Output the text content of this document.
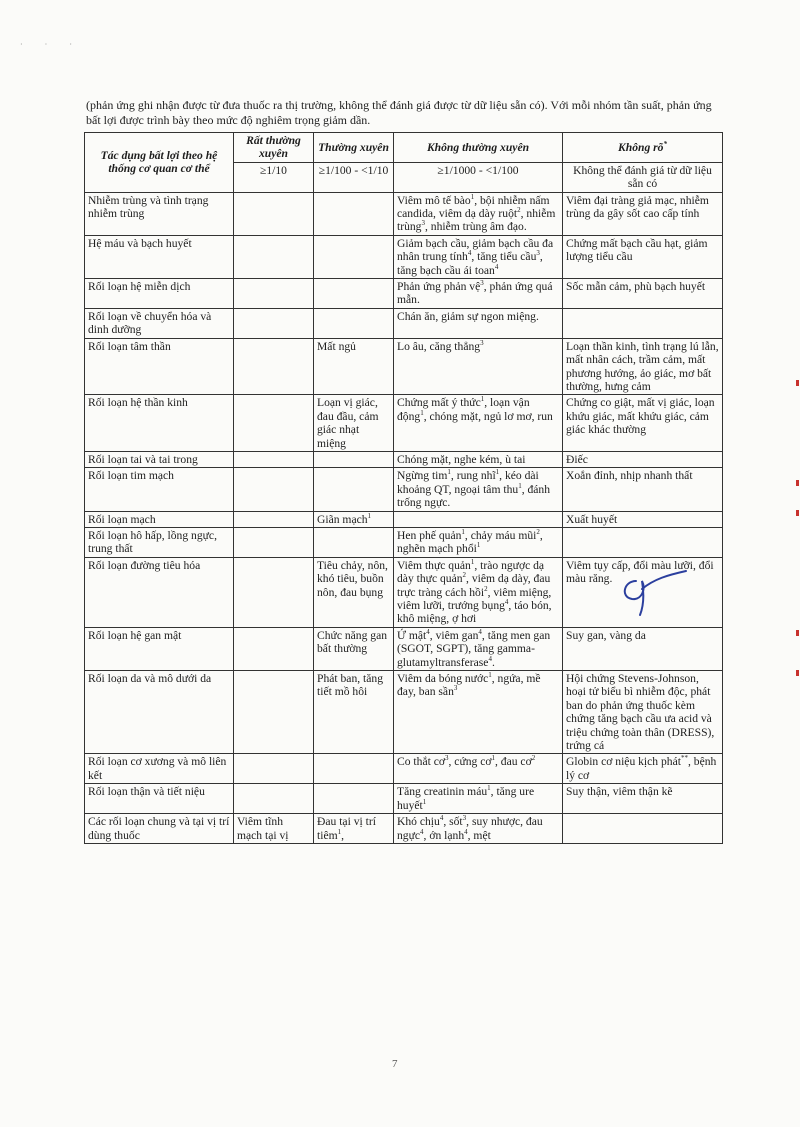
· · ·

(phản ứng ghi nhận được từ đưa thuốc ra thị trường, không thể đánh giá được từ dữ liệu sẵn có). Với mỗi nhóm tần suất, phản ứng bất lợi được trình bày theo mức độ nghiêm trọng giảm dần.

Tác dụng bất lợi theo hệ thống cơ quan cơ thể	Rất thường xuyên	Thường xuyên	Không thường xuyên	Không rõ*
	≥1/10	≥1/100 - <1/10	≥1/1000 - <1/100	Không thể đánh giá từ dữ liệu sẵn có
Nhiễm trùng và tình trạng nhiễm trùng			Viêm mô tế bào$^1$, bội nhiễm nấm candida, viêm dạ dày ruột$^2$, nhiễm trùng$^3$, nhiễm trùng âm đạo.	Viêm đại tràng giả mạc, nhiễm trùng da gây sốt cao cấp tính
Hệ máu và bạch huyết			Giảm bạch cầu, giảm bạch cầu đa nhân trung tính$^4$, tăng tiểu cầu$^3$, tăng bạch cầu ái toan$^4$	Chứng mất bạch cầu hạt, giảm lượng tiểu cầu
Rối loạn hệ miễn dịch			Phản ứng phản vệ$^3$, phản ứng quá mẫn.	Sốc mẫn cảm, phù bạch huyết
Rối loạn về chuyển hóa và dinh dưỡng			Chán ăn, giảm sự ngon miệng.	
Rối loạn tâm thần		Mất ngủ	Lo âu, căng thẳng$^3$	Loạn thần kinh, tình trạng lú lẫn, mất nhân cách, trầm cảm, mất phương hướng, ảo giác, mơ bất thường, hưng cảm
Rối loạn hệ thần kinh		Loạn vị giác, đau đầu, cảm giác nhạt miệng	Chứng mất ý thức$^1$, loạn vận động$^1$, chóng mặt, ngủ lơ mơ, run	Chứng co giật, mất vị giác, loạn khứu giác, mất khứu giác, cảm giác khác thường
Rối loạn tai và tai trong			Chóng mặt, nghe kém, ù tai	Điếc
Rối loạn tim mạch			Ngừng tim$^1$, rung nhĩ$^1$, kéo dài khoảng QT, ngoại tâm thu$^1$, đánh trống ngực.	Xoắn đỉnh, nhịp nhanh thất
Rối loạn mạch		Giãn mạch$^1$		Xuất huyết
Rối loạn hô hấp, lồng ngực, trung thất			Hen phế quản$^1$, chảy máu mũi$^2$, nghẽn mạch phổi$^1$	
Rối loạn đường tiêu hóa		Tiêu chảy, nôn, khó tiêu, buồn nôn, đau bụng	Viêm thực quản$^1$, trào ngược dạ dày thực quản$^2$, viêm dạ dày, đau trực tràng cách hồi$^2$, viêm miệng, viêm lưỡi, trướng bụng$^4$, táo bón, khô miệng, ợ hơi	Viêm tụy cấp, đổi màu lưỡi, đổi màu răng.
Rối loạn hệ gan mật		Chức năng gan bất thường	Ứ mật$^4$, viêm gan$^4$, tăng men gan (SGOT, SGPT), tăng gamma-glutamyltransferase$^4$.	Suy gan, vàng da
Rối loạn da và mô dưới da		Phát ban, tăng tiết mồ hôi	Viêm da bóng nước$^1$, ngứa, mề đay, ban sần$^3$	Hội chứng Stevens-Johnson, hoại tử biểu bì nhiễm độc, phát ban do phản ứng thuốc kèm chứng tăng bạch cầu ưa acid và triệu chứng toàn thân (DRESS), trứng cá
Rối loạn cơ xương và mô liên kết			Co thắt $cơ^3$, cứng $cơ^1$, đau $cơ^2$	Globin cơ niệu kịch phát**, bệnh lý cơ
Rối loạn thận và tiết niệu			Tăng creatinin máu$^1$, tăng ure huyết$^1$	Suy thận, viêm thận kẽ
Các rối loạn chung và tại vị trí dùng thuốc	Viêm tĩnh mạch tại vị	Đau tại vị trí tiêm$^1$,	Khó chịu$^4$, sốt$^3$, suy nhược, đau ngực$^4$, ớn lạnh$^4$, mệt	
7
